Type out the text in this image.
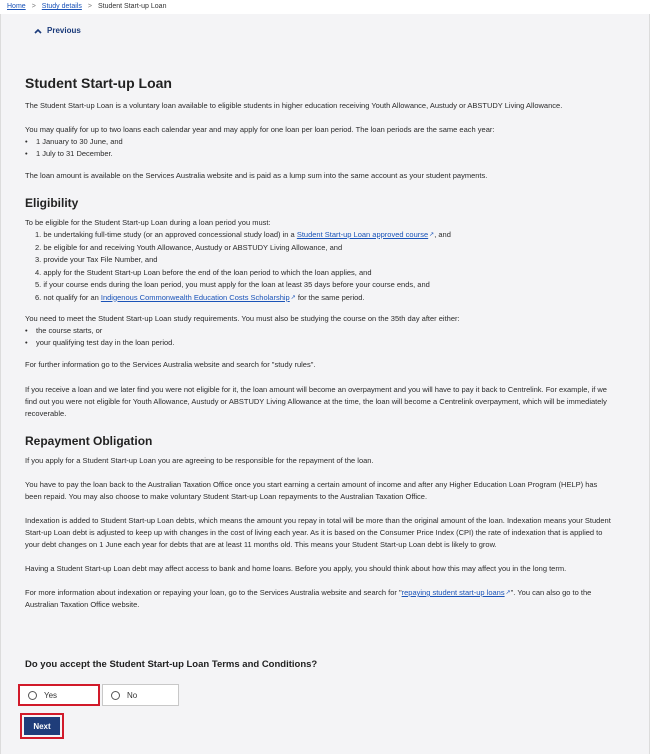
Home > Study details > Student Start-up Loan
Previous
Student Start-up Loan

The Student Start-up Loan is a voluntary loan available to eligible students in higher education receiving Youth Allowance, Austudy or ABSTUDY Living Allowance.

You may qualify for up to two loans each calendar year and may apply for one loan per loan period. The loan periods are the same each year:

• 1 January to 30 June, and
• 1 July to 31 December.

The loan amount is available on the Services Australia website and is paid as a lump sum into the same account as your student payments.

Eligibility

To be eligible for the Student Start-up Loan during a loan period you must:

1. be undertaking full-time study (or an approved concessional study load) in a Student Start-up Loan approved course↗, and
2. be eligible for and receiving Youth Allowance, Austudy or ABSTUDY Living Allowance, and
3. provide your Tax File Number, and
4. apply for the Student Start-up Loan before the end of the loan period to which the loan applies, and
5. if your course ends during the loan period, you must apply for the loan at least 35 days before your course ends, and
6. not qualify for an Indigenous Commonwealth Education Costs Scholarship↗ for the same period.

You need to meet the Student Start-up Loan study requirements. You must also be studying the course on the 35th day after either:

• the course starts, or
• your qualifying test day in the loan period.

For further information go to the Services Australia website and search for "study rules".

If you receive a loan and we later find you were not eligible for it, the loan amount will become an overpayment and you will have to pay it back to Centrelink. For example, if we find out you were not eligible for Youth Allowance, Austudy or ABSTUDY Living Allowance at the time, the loan will become a Centrelink overpayment, which will be immediately recoverable.

Repayment Obligation

If you apply for a Student Start-up Loan you are agreeing to be responsible for the repayment of the loan.

You have to pay the loan back to the Australian Taxation Office once you start earning a certain amount of income and after any Higher Education Loan Program (HELP) has been repaid. You may also choose to make voluntary Student Start-up Loan repayments to the Australian Taxation Office.

Indexation is added to Student Start-up Loan debts, which means the amount you repay in total will be more than the original amount of the loan. Indexation means your Student Start-up Loan debt is adjusted to keep up with changes in the cost of living each year. As it is based on the Consumer Price Index (CPI) the rate of indexation that is applied to your debt changes on 1 June each year for debts that are at least 11 months old. This means your Student Start-up Loan debt is likely to grow.

Having a Student Start-up Loan debt may affect access to bank and home loans. Before you apply, you should think about how this may affect you in the long term.

For more information about indexation or repaying your loan, go to the Services Australia website and search for "repaying student start-up loans↗". You can also go to the Australian Taxation Office website.

Do you accept the Student Start-up Loan Terms and Conditions?
Yes	No
Next
